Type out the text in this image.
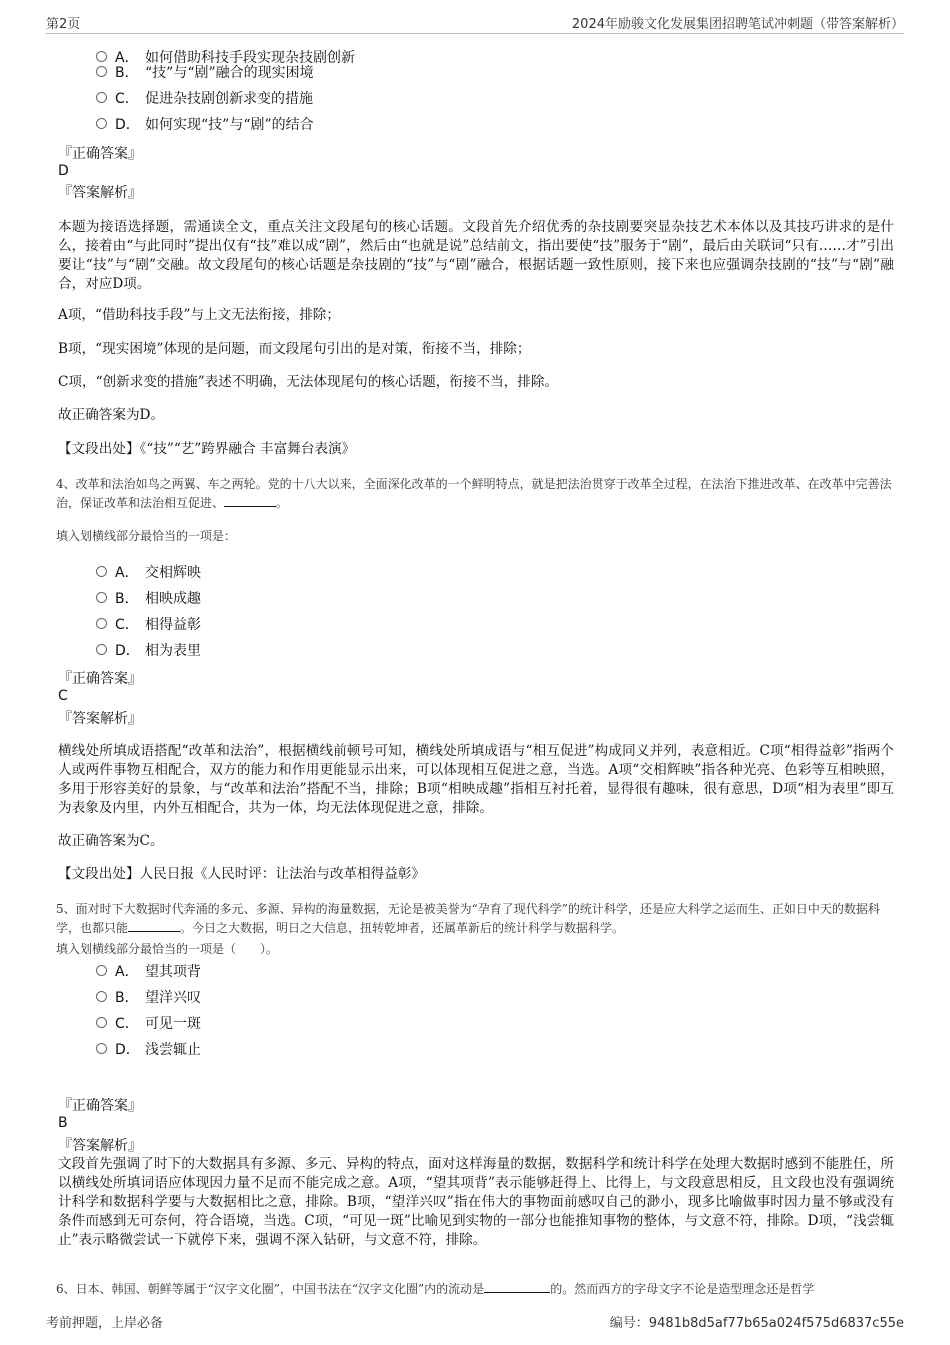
第2页	2024年励骏文化发展集团招聘笔试冲刺题（带答案解析）
A． 如何借助科技手段实现杂技剧创新
B． “技”与“剧”融合的现实困境
C． 促进杂技剧创新求变的措施
D． 如何实现“技”与“剧”的结合
『正确答案』
D
『答案解析』
本题为接语选择题，需通读全文，重点关注文段尾句的核心话题。文段首先介绍优秀的杂技剧要突显杂技艺术本体以及其技巧讲求的是什么，接着由“与此同时”提出仅有“技”难以成“剧”，然后由“也就是说”总结前文，指出要使“技”服务于“剧”，最后由关联词“只有……才”引出要让“技”与“剧”交融。故文段尾句的核心话题是杂技剧的“技”与“剧”融合，根据话题一致性原则，接下来也应强调杂技剧的“技”与“剧”融合，对应D项。
A项，“借助科技手段”与上文无法衔接，排除；
B项，“现实困境”体现的是问题，而文段尾句引出的是对策，衔接不当，排除；
C项，“创新求变的措施”表述不明确，无法体现尾句的核心话题，衔接不当，排除。
故正确答案为D。
【文段出处】《“技”“艺”跨界融合 丰富舞台表演》
4、改革和法治如鸟之两翼、车之两轮。党的十八大以来，全面深化改革的一个鲜明特点，就是把法治贯穿于改革全过程，在法治下推进改革、在改革中完善法治，保证改革和法治相互促进、	。
填入划横线部分最恰当的一项是：
A． 交相辉映
B． 相映成趣
C． 相得益彰
D． 相为表里
『正确答案』
C
『答案解析』
横线处所填成语搭配“改革和法治”，根据横线前顿号可知，横线处所填成语与“相互促进”构成同义并列，表意相近。C项“相得益彰”指两个人或两件事物互相配合，双方的能力和作用更能显示出来，可以体现相互促进之意，当选。A项“交相辉映”指各种光亮、色彩等互相映照，多用于形容美好的景象，与“改革和法治”搭配不当，排除；B项“相映成趣”指相互衬托着，显得很有趣味，很有意思，D项“相为表里”即互为表象及内里，内外互相配合，共为一体，均无法体现促进之意，排除。
故正确答案为C。
【文段出处】人民日报《人民时评：让法治与改革相得益彰》
5、面对时下大数据时代奔涌的多元、多源、异构的海量数据，无论是被美誉为“孕育了现代科学”的统计科学，还是应大科学之运而生、正如日中天的数据科学，也都只能	。今日之大数据，明日之大信息，扭转乾坤者，还属革新后的统计科学与数据科学。
填入划横线部分最恰当的一项是（　　）。
A． 望其项背
B． 望洋兴叹
C． 可见一斑
D． 浅尝辄止
『正确答案』
B
『答案解析』
文段首先强调了时下的大数据具有多源、多元、异构的特点，面对这样海量的数据，数据科学和统计科学在处理大数据时感到不能胜任，所以横线处所填词语应体现因力量不足而不能完成之意。A项，“望其项背”表示能够赶得上、比得上，与文段意思相反，且文段也没有强调统计科学和数据科学要与大数据相比之意，排除。B项，“望洋兴叹”指在伟大的事物面前感叹自己的渺小，现多比喻做事时因力量不够或没有条件而感到无可奈何，符合语境，当选。C项，“可见一斑”比喻见到实物的一部分也能推知事物的整体，与文意不符，排除。D项，“浅尝辄止”表示略微尝试一下就停下来，强调不深入钻研，与文意不符，排除。
6、日本、韩国、朝鲜等属于“汉字文化圈”，中国书法在“汉字文化圈”内的流动是	的。然而西方的字母文字不论是造型理念还是哲学
考前押题，上岸必备	编号：9481b8d5af77b65a024f575d6837c55e
